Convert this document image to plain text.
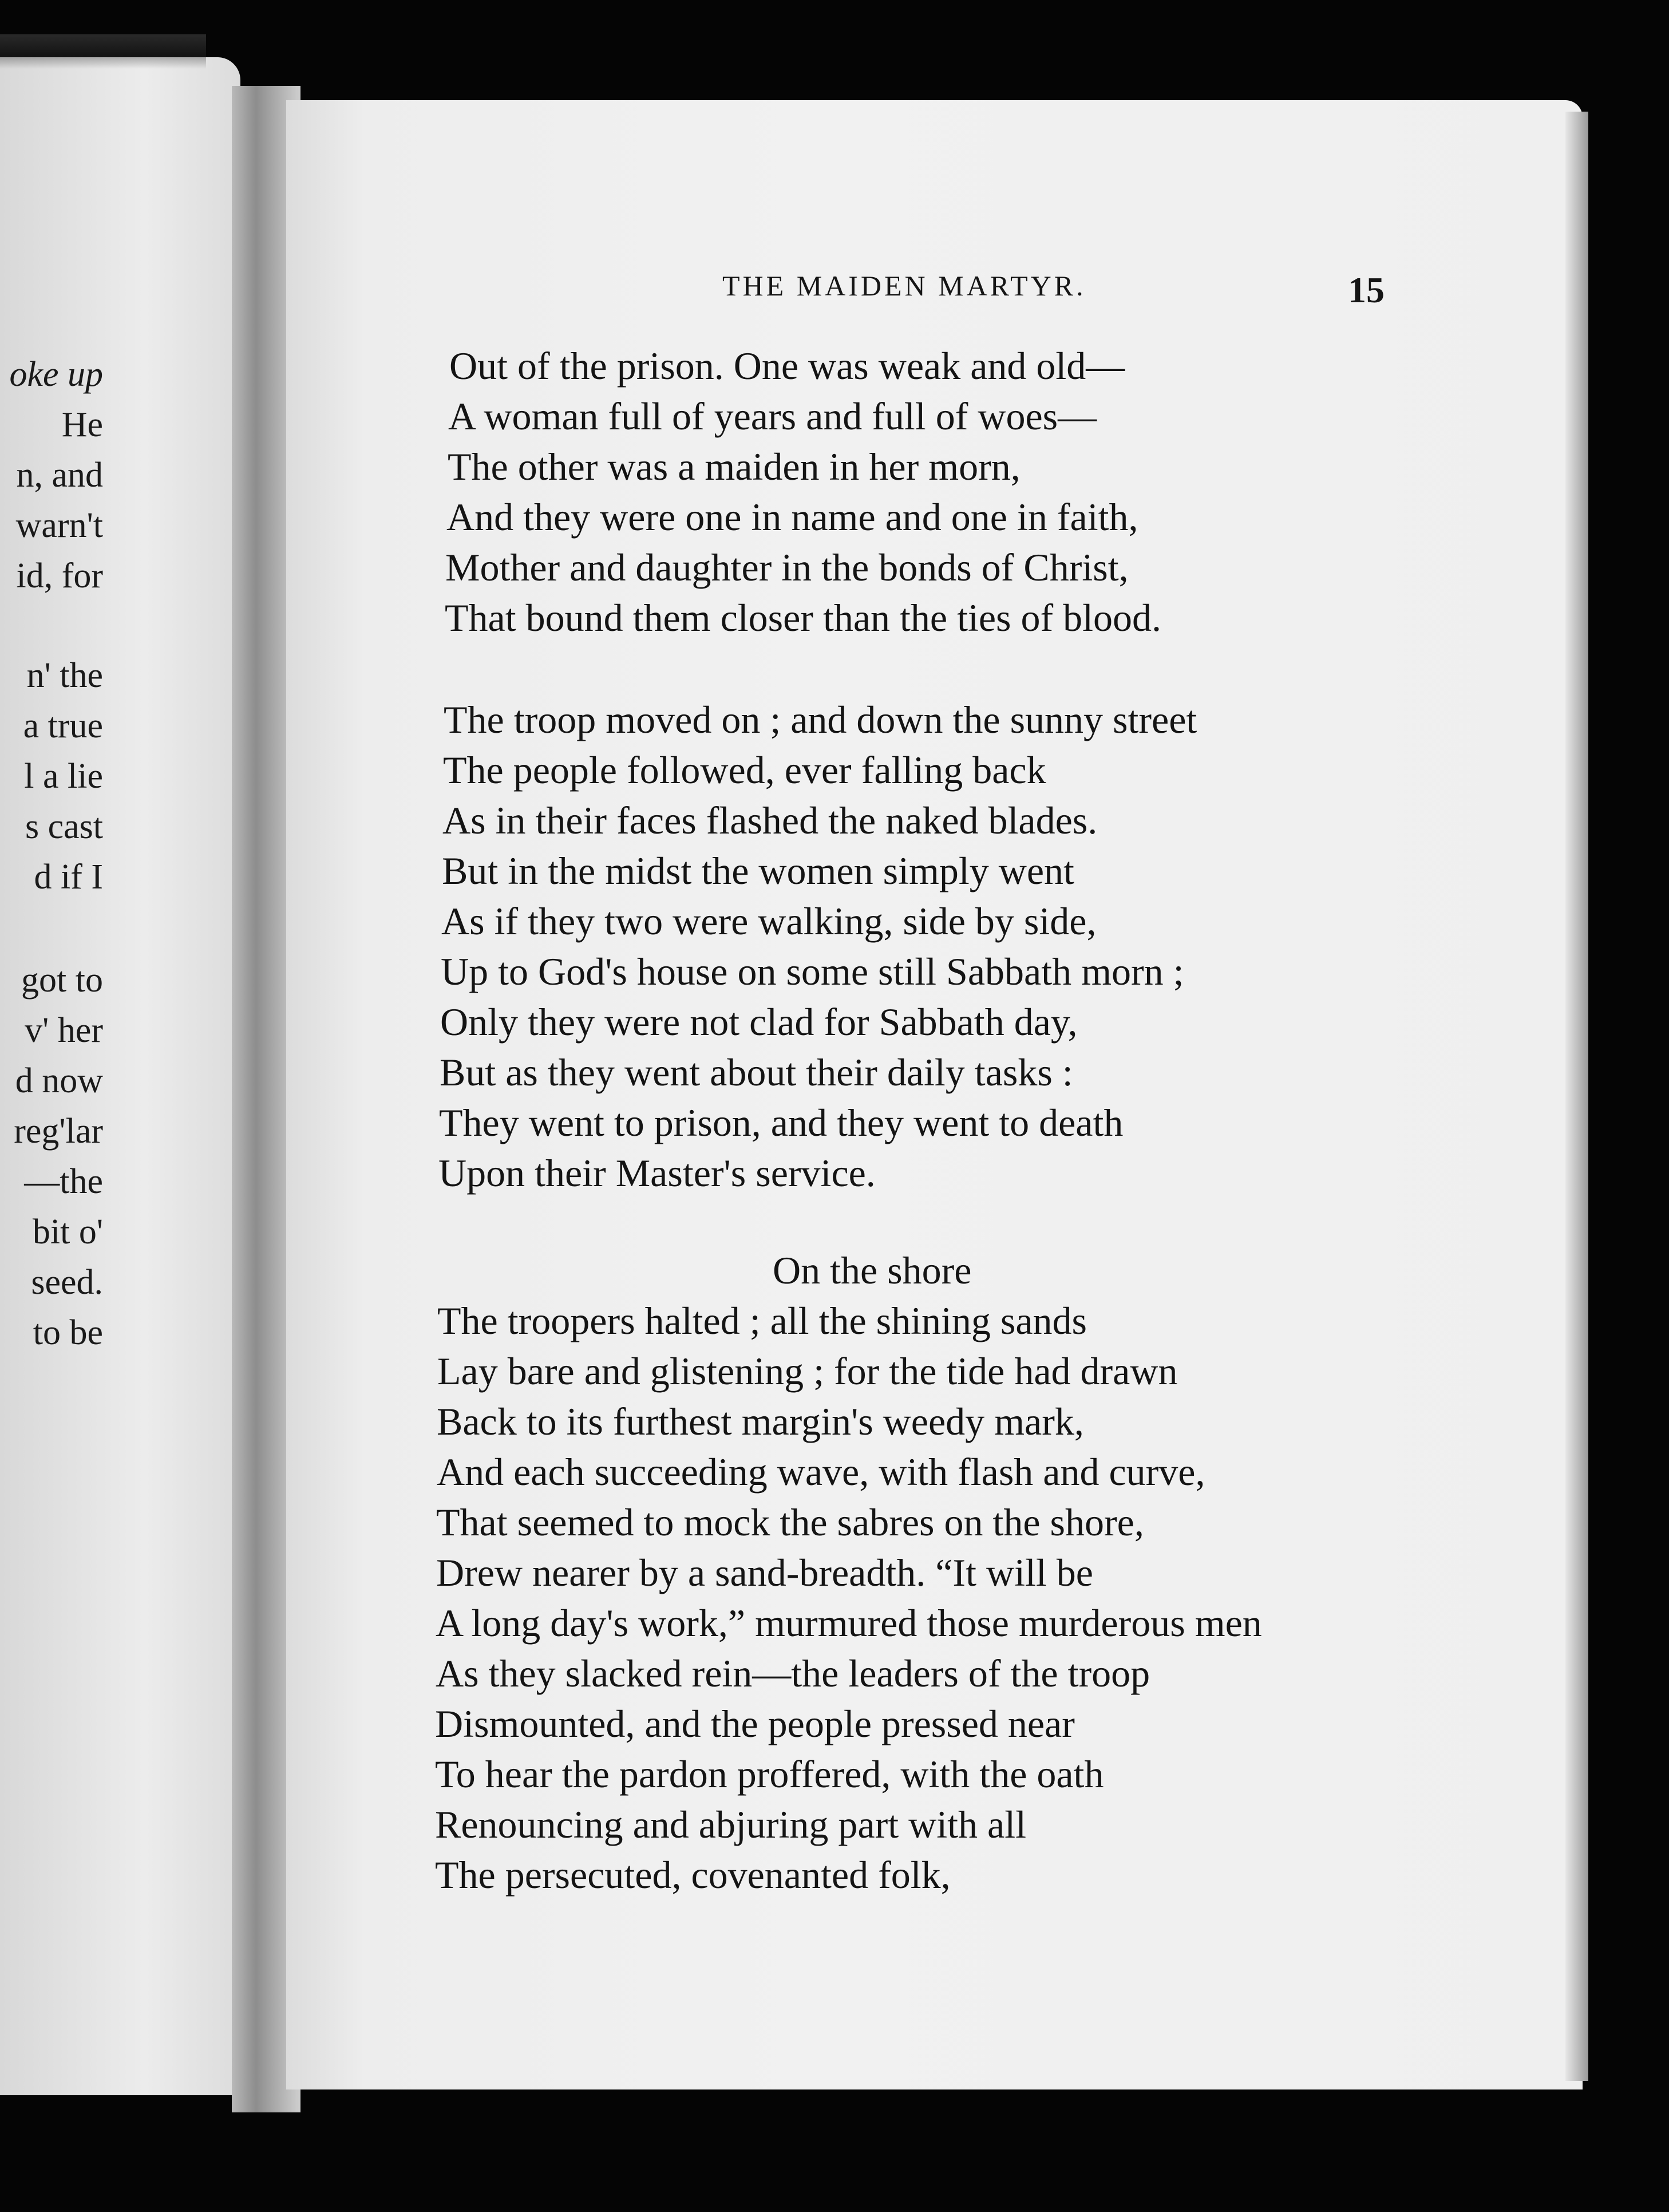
oke up
He
n, and
warn't
id, for
n' the
a true
l a lie
s cast
d if I
got to
v' her
d now
reg'lar
—the
bit o'
seed.
to be
THE MAIDEN MARTYR.	15
Out of the prison. One was weak and old—
A woman full of years and full of woes—
The other was a maiden in her morn,
And they were one in name and one in faith,
Mother and daughter in the bonds of Christ,
That bound them closer than the ties of blood.
The troop moved on ; and down the sunny street
The people followed, ever falling back
As in their faces flashed the naked blades.
But in the midst the women simply went
As if they two were walking, side by side,
Up to God's house on some still Sabbath morn ;
Only they were not clad for Sabbath day,
But as they went about their daily tasks :
They went to prison, and they went to death
Upon their Master's service.
On the shore
The troopers halted ; all the shining sands
Lay bare and glistening ; for the tide had drawn
Back to its furthest margin's weedy mark,
And each succeeding wave, with flash and curve,
That seemed to mock the sabres on the shore,
Drew nearer by a sand-breadth. “It will be
A long day's work,” murmured those murderous men
As they slacked rein—the leaders of the troop
Dismounted, and the people pressed near
To hear the pardon proffered, with the oath
Renouncing and abjuring part with all
The persecuted, covenanted folk,
